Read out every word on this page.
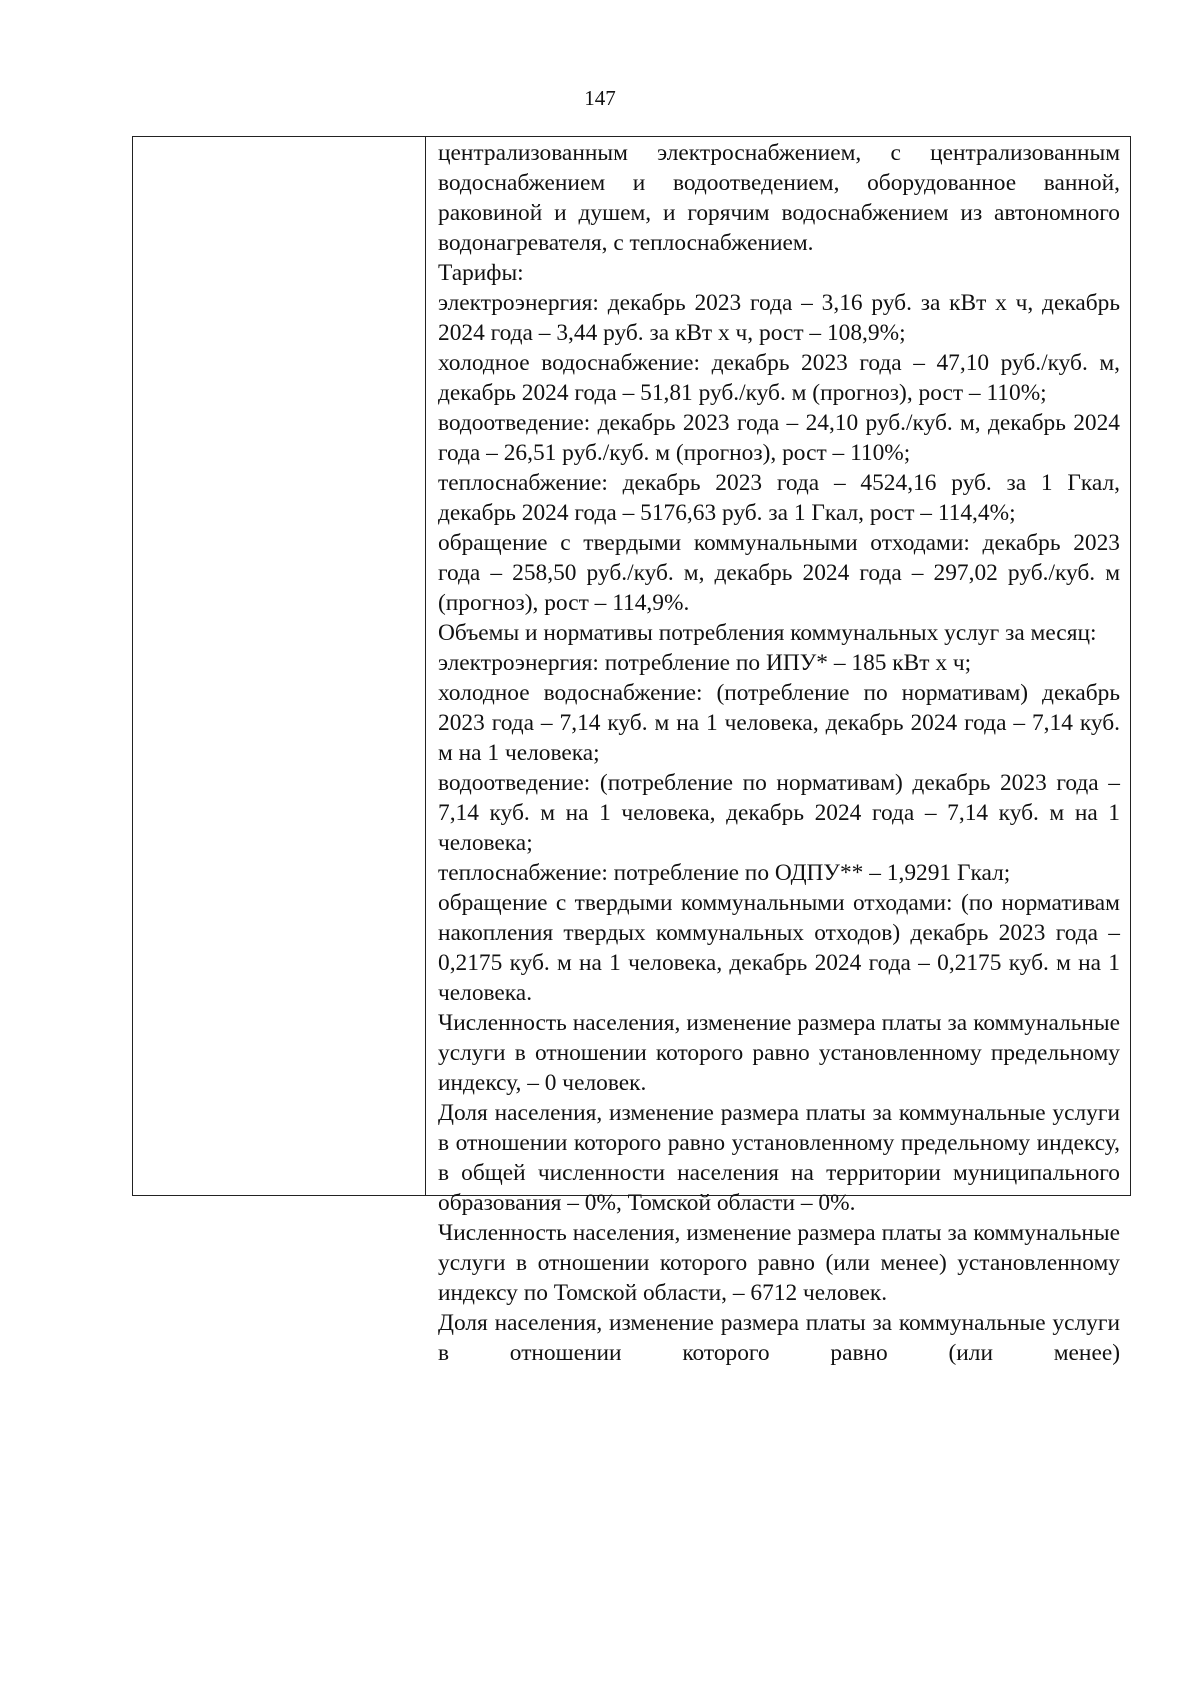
147

централизованным электроснабжением, с централизованным водоснабжением и водоотведением, оборудованное ванной, раковиной и душем, и горячим водоснабжением из автономного водонагревателя, с теплоснабжением.

Тарифы:

электроэнергия: декабрь 2023 года – 3,16 руб. за кВт х ч, декабрь 2024 года – 3,44 руб. за кВт х ч, рост – 108,9%;

холодное водоснабжение: декабрь 2023 года – 47,10 руб./куб. м, декабрь 2024 года – 51,81 руб./куб. м (прогноз), рост – 110%;

водоотведение: декабрь 2023 года – 24,10 руб./куб. м, декабрь 2024 года – 26,51 руб./куб. м (прогноз), рост – 110%;

теплоснабжение: декабрь 2023 года – 4524,16 руб. за 1 Гкал, декабрь 2024 года – 5176,63 руб. за 1 Гкал, рост – 114,4%;

обращение с твердыми коммунальными отходами: декабрь 2023 года – 258,50 руб./куб. м, декабрь 2024 года – 297,02 руб./куб. м (прогноз), рост – 114,9%.

Объемы и нормативы потребления коммунальных услуг за месяц:

электроэнергия: потребление по ИПУ* – 185 кВт х ч;

холодное водоснабжение: (потребление по нормативам) декабрь 2023 года – 7,14 куб. м на 1 человека, декабрь 2024 года – 7,14 куб. м на 1 человека;

водоотведение: (потребление по нормативам) декабрь 2023 года – 7,14 куб. м на 1 человека, декабрь 2024 года – 7,14 куб. м на 1 человека;

теплоснабжение: потребление по ОДПУ** – 1,9291 Гкал;

обращение с твердыми коммунальными отходами: (по нормативам накопления твердых коммунальных отходов) декабрь 2023 года – 0,2175 куб. м на 1 человека, декабрь 2024 года – 0,2175 куб. м на 1 человека.

Численность населения, изменение размера платы за коммунальные услуги в отношении которого равно установленному предельному индексу, – 0 человек.

Доля населения, изменение размера платы за коммунальные услуги в отношении которого равно установленному предельному индексу, в общей численности населения на территории муниципального образования – 0%, Томской области – 0%.

Численность населения, изменение размера платы за коммунальные услуги в отношении которого равно (или менее) установленному индексу по Томской области, – 6712 человек.

Доля населения, изменение размера платы за коммунальные услуги в отношении которого равно (или менее)
